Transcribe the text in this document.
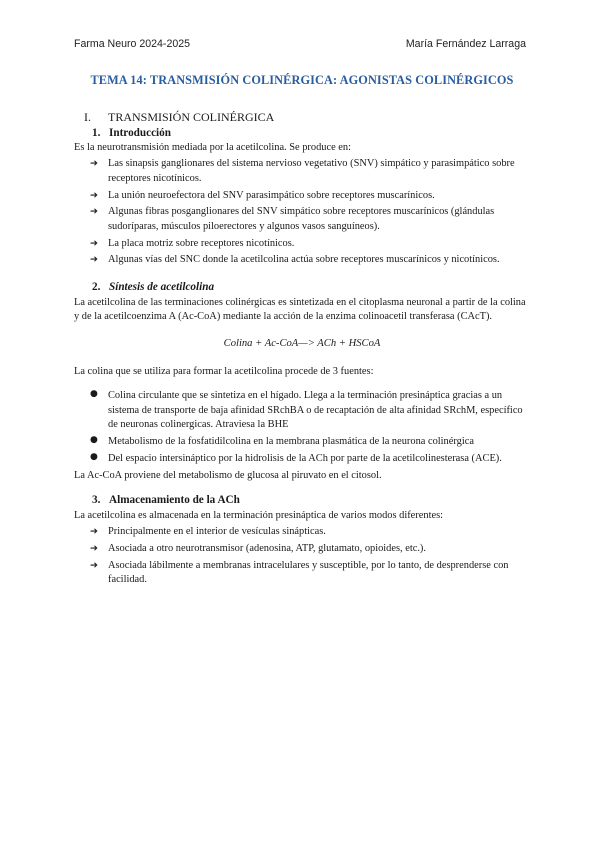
Farma Neuro 2024-2025	María Fernández Larraga
TEMA 14: TRANSMISIÓN COLINÉRGICA: AGONISTAS COLINÉRGICOS
I. TRANSMISIÓN COLINÉRGICA
1. Introducción

Es la neurotransmisión mediada por la acetilcolina. Se produce en:

➔ Las sinapsis ganglionares del sistema nervioso vegetativo (SNV) simpático y parasimpático sobre receptores nicotínicos.
➔ La unión neuroefectora del SNV parasimpático sobre receptores muscarínicos.
➔ Algunas fibras posganglionares del SNV simpático sobre receptores muscarínicos (glándulas sudoríparas, músculos piloerectores y algunos vasos sanguíneos).
➔ La placa motriz sobre receptores nicotínicos.
➔ Algunas vías del SNC donde la acetilcolina actúa sobre receptores muscarínicos y nicotínicos.
2. Síntesis de acetilcolina

La acetilcolina de las terminaciones colinérgicas es sintetizada en el citoplasma neuronal a partir de la colina y de la acetilcoenzima A (Ac-CoA) mediante la acción de la enzima colinoacetil transferasa (CAcT).

Colina + Ac-CoA—> ACh + HSCoA

La colina que se utiliza para formar la acetilcolina procede de 3 fuentes:

● Colina circulante que se sintetiza en el hígado. Llega a la terminación presináptica gracias a un sistema de transporte de baja afinidad SRchBA o de recaptación de alta afinidad SRchM, específico de neuronas colinergicas. Atraviesa la BHE
● Metabolismo de la fosfatidilcolina en la membrana plasmática de la neurona colinérgica
● Del espacio intersináptico por la hidrolisis de la ACh por parte de la acetilcolinesterasa (ACE).

La Ac-CoA proviene del metabolismo de glucosa al piruvato en el citosol.

3. Almacenamiento de la ACh

La acetilcolina es almacenada en la terminación presináptica de varios modos diferentes:

➔ Principalmente en el interior de vesículas sinápticas.
➔ Asociada a otro neurotransmisor (adenosina, ATP, glutamato, opioides, etc.).
➔ Asociada lábilmente a membranas intracelulares y susceptible, por lo tanto, de desprenderse con facilidad.
